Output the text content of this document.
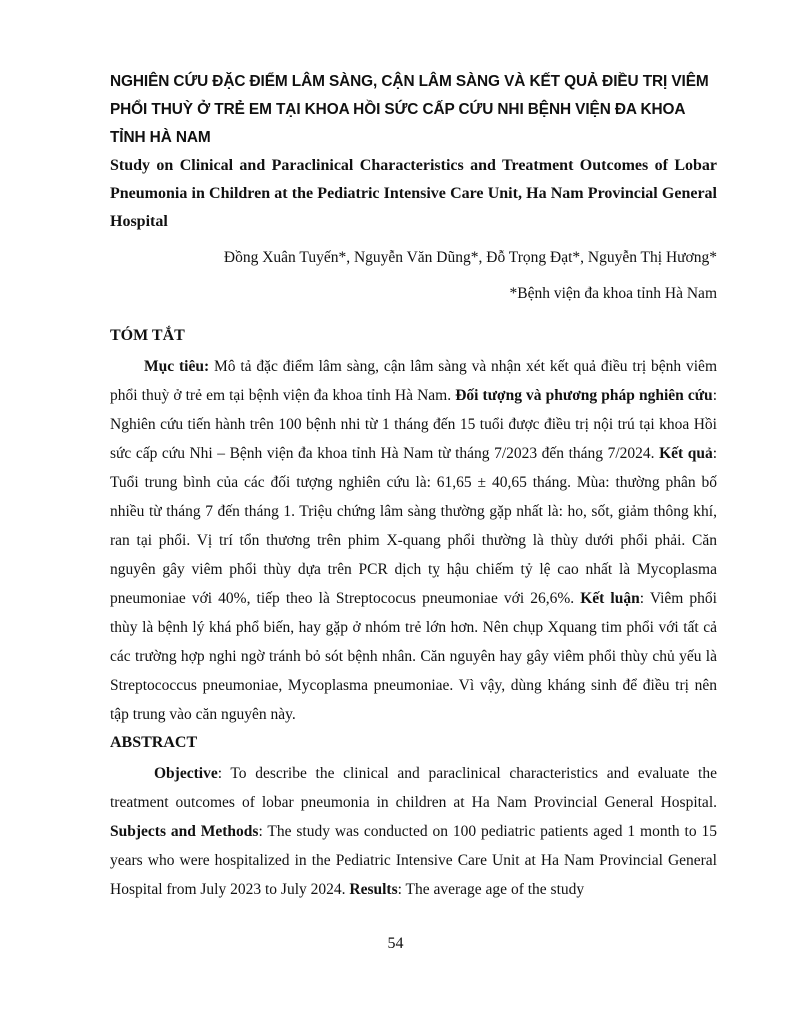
NGHIÊN CỨU ĐẶC ĐIỂM LÂM SÀNG, CẬN LÂM SÀNG VÀ KẾT QUẢ ĐIỀU TRỊ VIÊM PHỔI THUỲ Ở TRẺ EM TẠI KHOA HỒI SỨC CẤP CỨU NHI BỆNH VIỆN ĐA KHOA TỈNH HÀ NAM

Study on Clinical and Paraclinical Characteristics and Treatment Outcomes of Lobar Pneumonia in Children at the Pediatric Intensive Care Unit, Ha Nam Provincial General Hospital

Đồng Xuân Tuyến*, Nguyễn Văn Dũng*, Đỗ Trọng Đạt*, Nguyễn Thị Hương*
*Bệnh viện đa khoa tỉnh Hà Nam
TÓM TẮT

Mục tiêu: Mô tả đặc điểm lâm sàng, cận lâm sàng và nhận xét kết quả điều trị bệnh viêm phổi thuỳ ở trẻ em tại bệnh viện đa khoa tỉnh Hà Nam. Đối tượng và phương pháp nghiên cứu: Nghiên cứu tiến hành trên 100 bệnh nhi từ 1 tháng đến 15 tuổi được điều trị nội trú tại khoa Hồi sức cấp cứu Nhi – Bệnh viện đa khoa tỉnh Hà Nam từ tháng 7/2023 đến tháng 7/2024. Kết quả: Tuổi trung bình của các đối tượng nghiên cứu là: 61,65 ± 40,65 tháng. Mùa: thường phân bố nhiều từ tháng 7 đến tháng 1. Triệu chứng lâm sàng thường gặp nhất là: ho, sốt, giảm thông khí, ran tại phổi. Vị trí tổn thương trên phim X-quang phổi thường là thùy dưới phổi phải. Căn nguyên gây viêm phổi thùy dựa trên PCR dịch tỵ hậu chiếm tỷ lệ cao nhất là Mycoplasma pneumoniae với 40%, tiếp theo là Streptococus pneumoniae với 26,6%. Kết luận: Viêm phổi thùy là bệnh lý khá phổ biến, hay gặp ở nhóm trẻ lớn hơn. Nên chụp Xquang tim phổi với tất cả các trường hợp nghi ngờ tránh bỏ sót bệnh nhân. Căn nguyên hay gây viêm phổi thùy chủ yếu là Streptococcus pneumoniae, Mycoplasma pneumoniae. Vì vậy, dùng kháng sinh để điều trị nên tập trung vào căn nguyên này.

ABSTRACT

Objective: To describe the clinical and paraclinical characteristics and evaluate the treatment outcomes of lobar pneumonia in children at Ha Nam Provincial General Hospital. Subjects and Methods: The study was conducted on 100 pediatric patients aged 1 month to 15 years who were hospitalized in the Pediatric Intensive Care Unit at Ha Nam Provincial General Hospital from July 2023 to July 2024. Results: The average age of the study

54
